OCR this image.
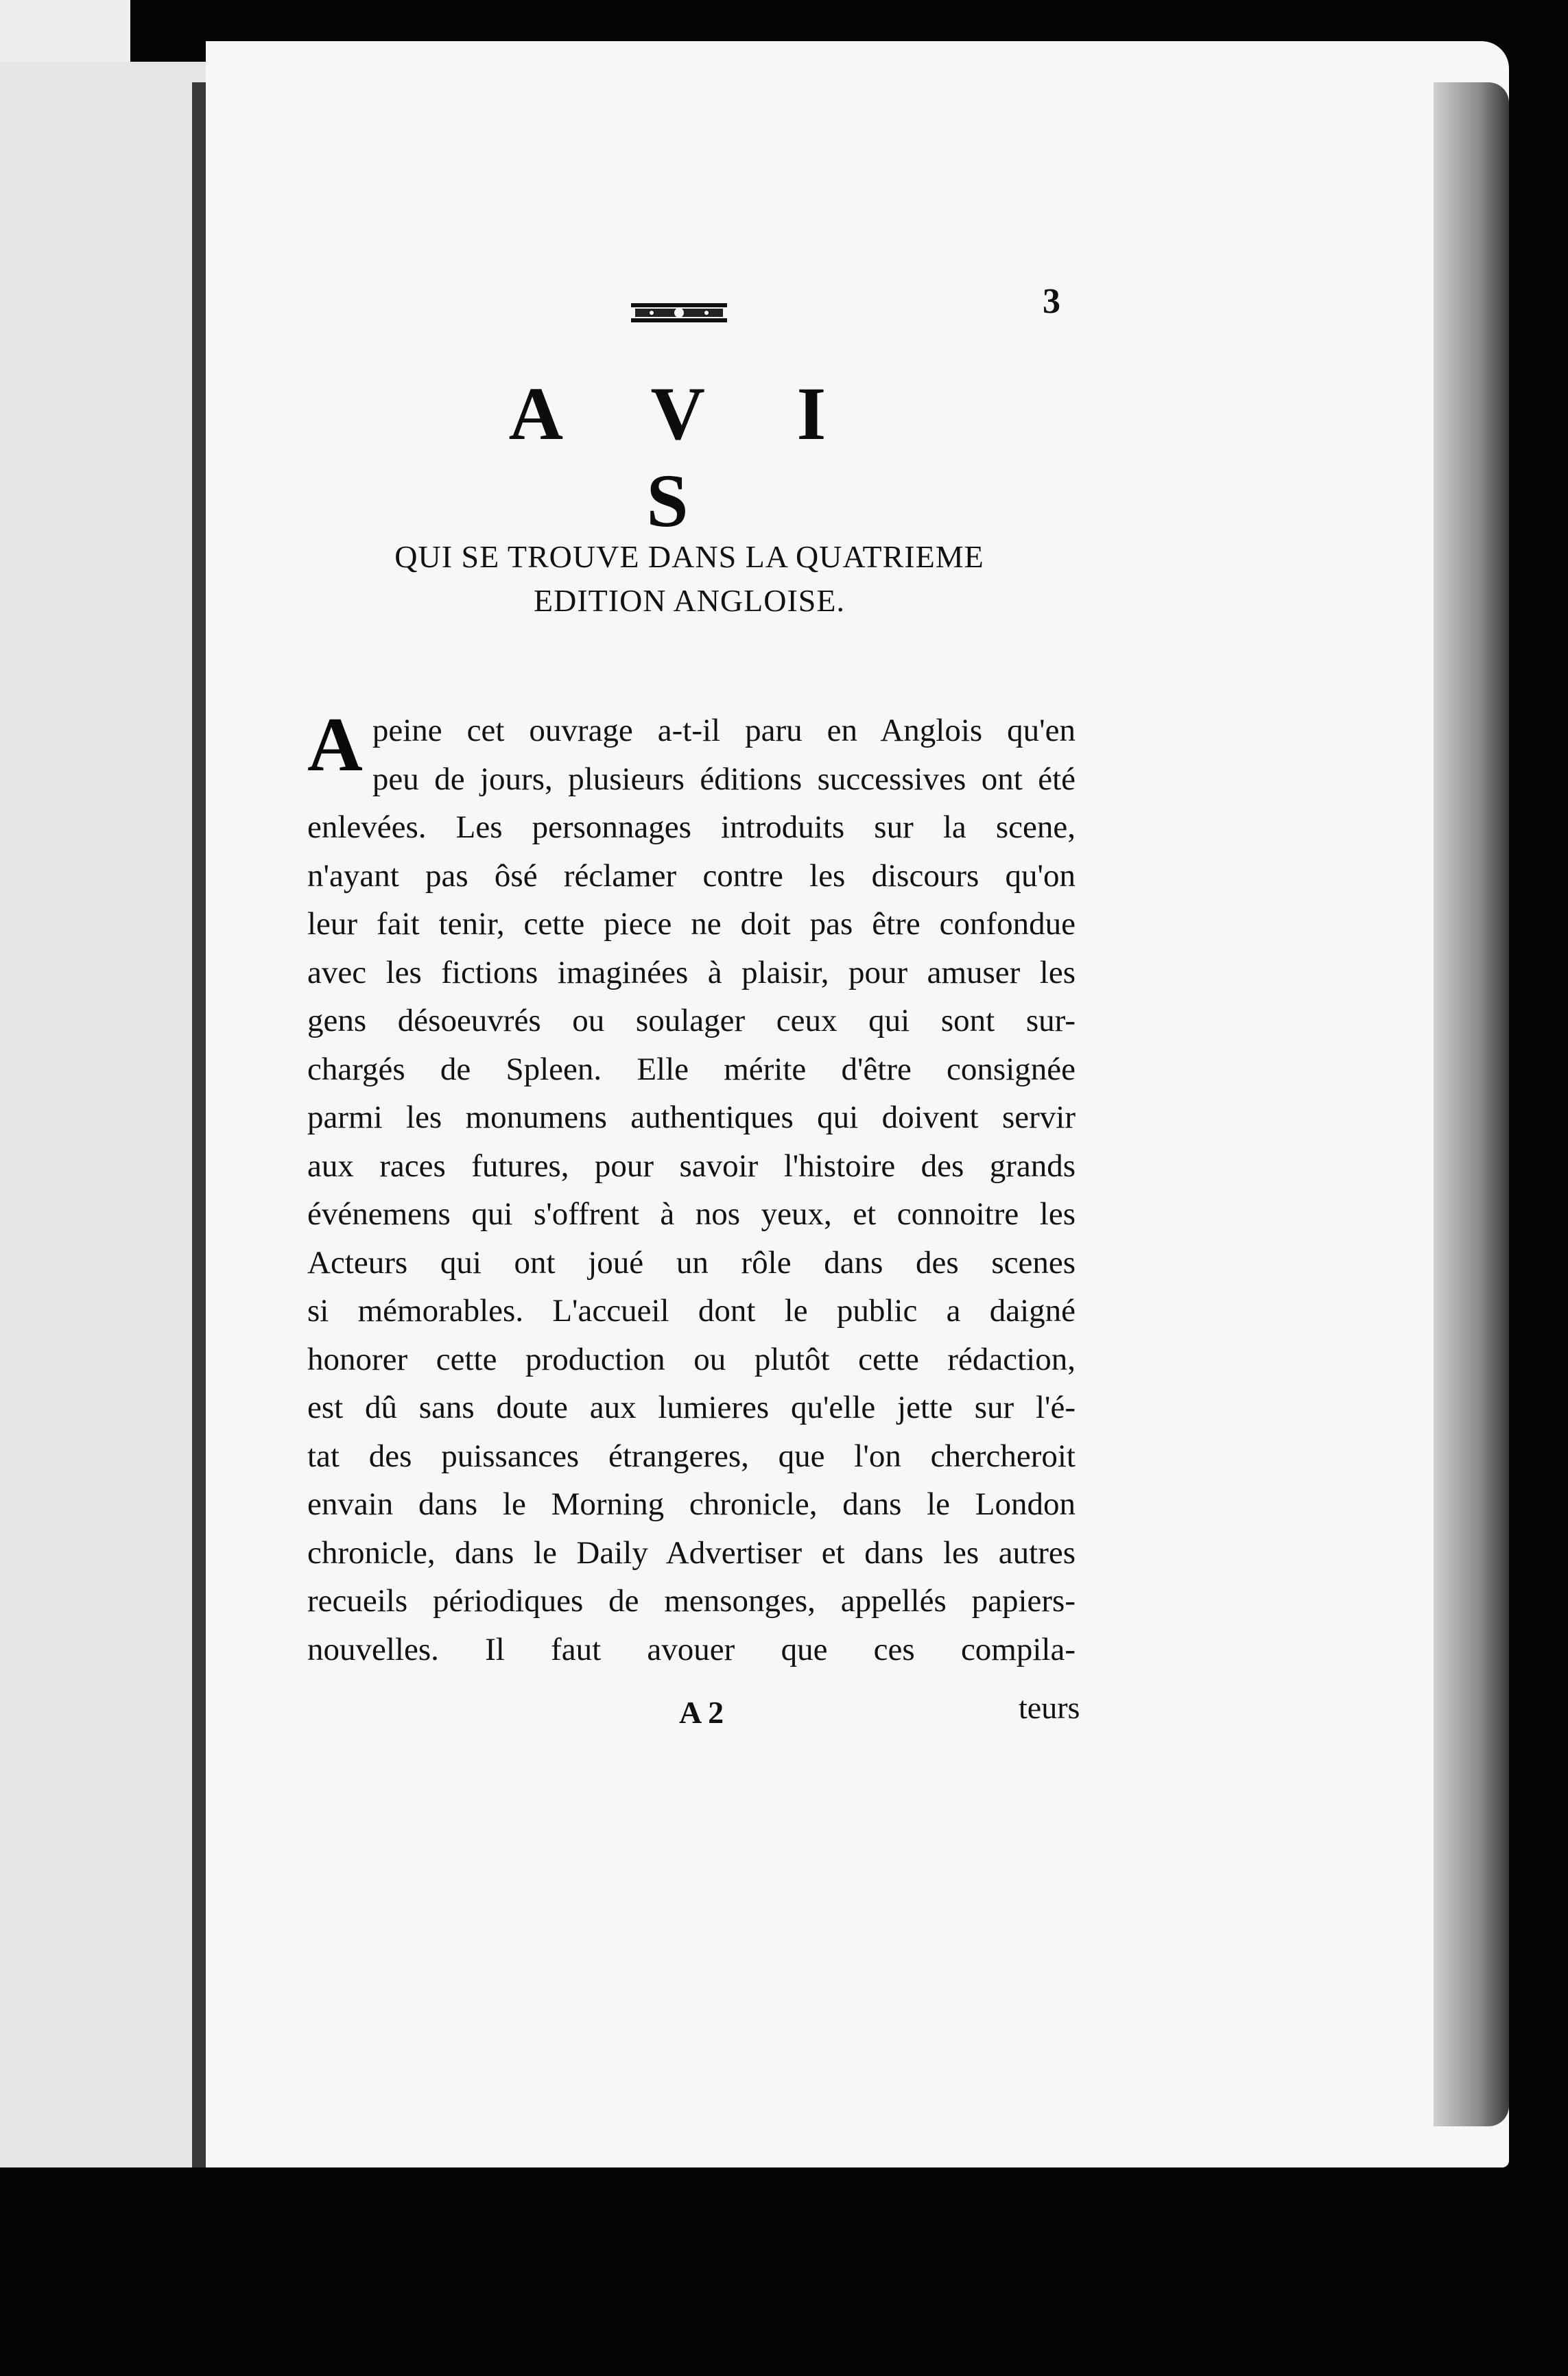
3
A V I S
QUI SE TROUVE DANS LA QUATRIEME
EDITION ANGLOISE.
A peine cet ouvrage a-t-il paru en Anglois qu'en
peu de jours, plusieurs éditions successives ont été
enlevées. Les personnages introduits sur la scene,
n'ayant pas ôsé réclamer contre les discours qu'on
leur fait tenir, cette piece ne doit pas être confondue
avec les fictions imaginées à plaisir, pour amuser les
gens désoeuvrés ou soulager ceux qui sont sur-
chargés de Spleen. Elle mérite d'être consignée
parmi les monumens authentiques qui doivent servir
aux races futures, pour savoir l'histoire des grands
événemens qui s'offrent à nos yeux, et connoitre les
Acteurs qui ont joué un rôle dans des scenes
si mémorables. L'accueil dont le public a daigné
honorer cette production ou plutôt cette rédaction,
est dû sans doute aux lumieres qu'elle jette sur l'é-
tat des puissances étrangeres, que l'on chercheroit
envain dans le Morning chronicle, dans le London
chronicle, dans le Daily Advertiser et dans les autres
recueils périodiques de mensonges, appellés papiers-
nouvelles. Il faut avouer que ces compila-
A 2	teurs
